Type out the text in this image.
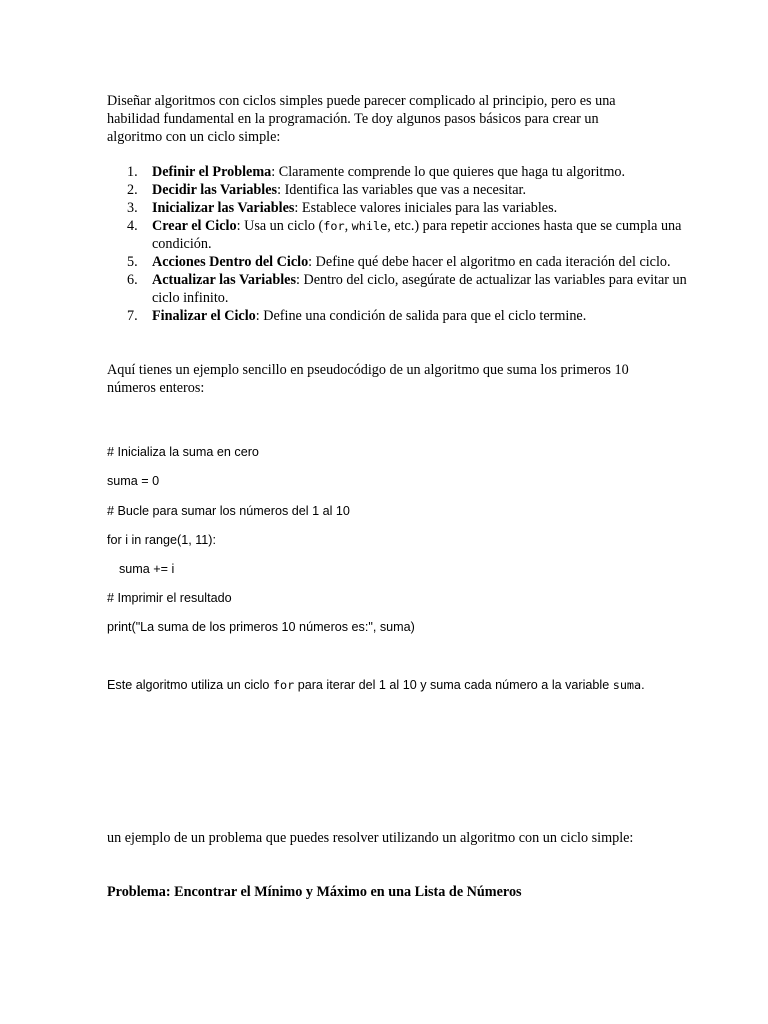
Diseñar algoritmos con ciclos simples puede parecer complicado al principio, pero es una habilidad fundamental en la programación. Te doy algunos pasos básicos para crear un algoritmo con un ciclo simple:

Definir el Problema: Claramente comprende lo que quieres que haga tu algoritmo.
Decidir las Variables: Identifica las variables que vas a necesitar.
Inicializar las Variables: Establece valores iniciales para las variables.
Crear el Ciclo: Usa un ciclo (for, while, etc.) para repetir acciones hasta que se cumpla una condición.
Acciones Dentro del Ciclo: Define qué debe hacer el algoritmo en cada iteración del ciclo.
Actualizar las Variables: Dentro del ciclo, asegúrate de actualizar las variables para evitar un ciclo infinito.
Finalizar el Ciclo: Define una condición de salida para que el ciclo termine.

Aquí tienes un ejemplo sencillo en pseudocódigo de un algoritmo que suma los primeros 10 números enteros:

# Inicializa la suma en cero
suma = 0
# Bucle para sumar los números del 1 al 10
for i in range(1, 11):
suma += i
# Imprimir el resultado
print("La suma de los primeros 10 números es:", suma)

Este algoritmo utiliza un ciclo for para iterar del 1 al 10 y suma cada número a la variable suma.

un ejemplo de un problema que puedes resolver utilizando un algoritmo con un ciclo simple:

Problema: Encontrar el Mínimo y Máximo en una Lista de Números
